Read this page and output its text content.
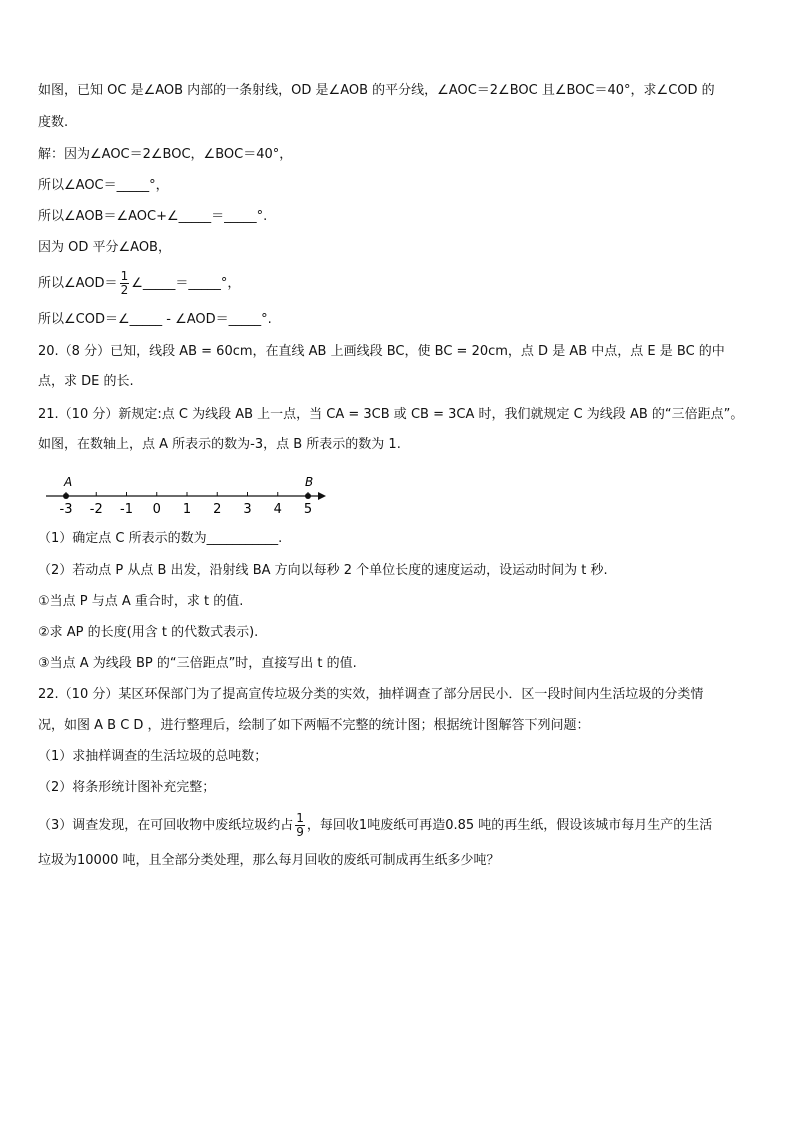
如图，已知 OC 是∠AOB 内部的一条射线，OD 是∠AOB 的平分线，∠AOC＝2∠BOC 且∠BOC＝40°，求∠COD 的
度数.
解：因为∠AOC＝2∠BOC，∠BOC＝40°，
所以∠AOC＝_____°，
所以∠AOB＝∠AOC+∠_____＝_____°.
因为 OD 平分∠AOB，
所以∠AOD＝ $\frac{1}{2}$ ∠_____＝_____°，
所以∠COD＝∠_____ - ∠AOD＝_____°.
20.（8 分）已知，线段 AB = 60cm，在直线 AB 上画线段 BC，使 BC = 20cm，点 D 是 AB 中点，点 E 是 BC 的中
点，求 DE 的长.
21.（10 分）新规定:点 C 为线段 AB 上一点，当 CA = 3CB 或 CB = 3CA 时，我们就规定 C 为线段 AB 的“三倍距点”。
如图，在数轴上，点 A 所表示的数为-3，点 B 所表示的数为 1.
-3 -2 -1 0 1 2 3 4 5
A	B
（1）确定点 C 所表示的数为___________.
（2）若动点 P 从点 B 出发，沿射线 BA 方向以每秒 2 个单位长度的速度运动，设运动时间为 t 秒.
①当点 P 与点 A 重合时，求 t 的值.
②求 AP 的长度(用含 t 的代数式表示).
③当点 A 为线段 BP 的“三倍距点”时，直接写出 t 的值.
22.（10 分）某区环保部门为了提高宣传垃圾分类的实效，抽样调查了部分居民小．区一段时间内生活垃圾的分类情
况，如图 A B C D ，进行整理后，绘制了如下两幅不完整的统计图；根据统计图解答下列问题：
（1）求抽样调查的生活垃圾的总吨数；
（2）将条形统计图补充完整；
（3）调查发现，在可回收物中废纸垃圾约占 $\frac{1}{9}$ ，每回收1吨废纸可再造0.85 吨的再生纸，假设该城市每月生产的生活
垃圾为10000 吨，且全部分类处理，那么每月回收的废纸可制成再生纸多少吨？
